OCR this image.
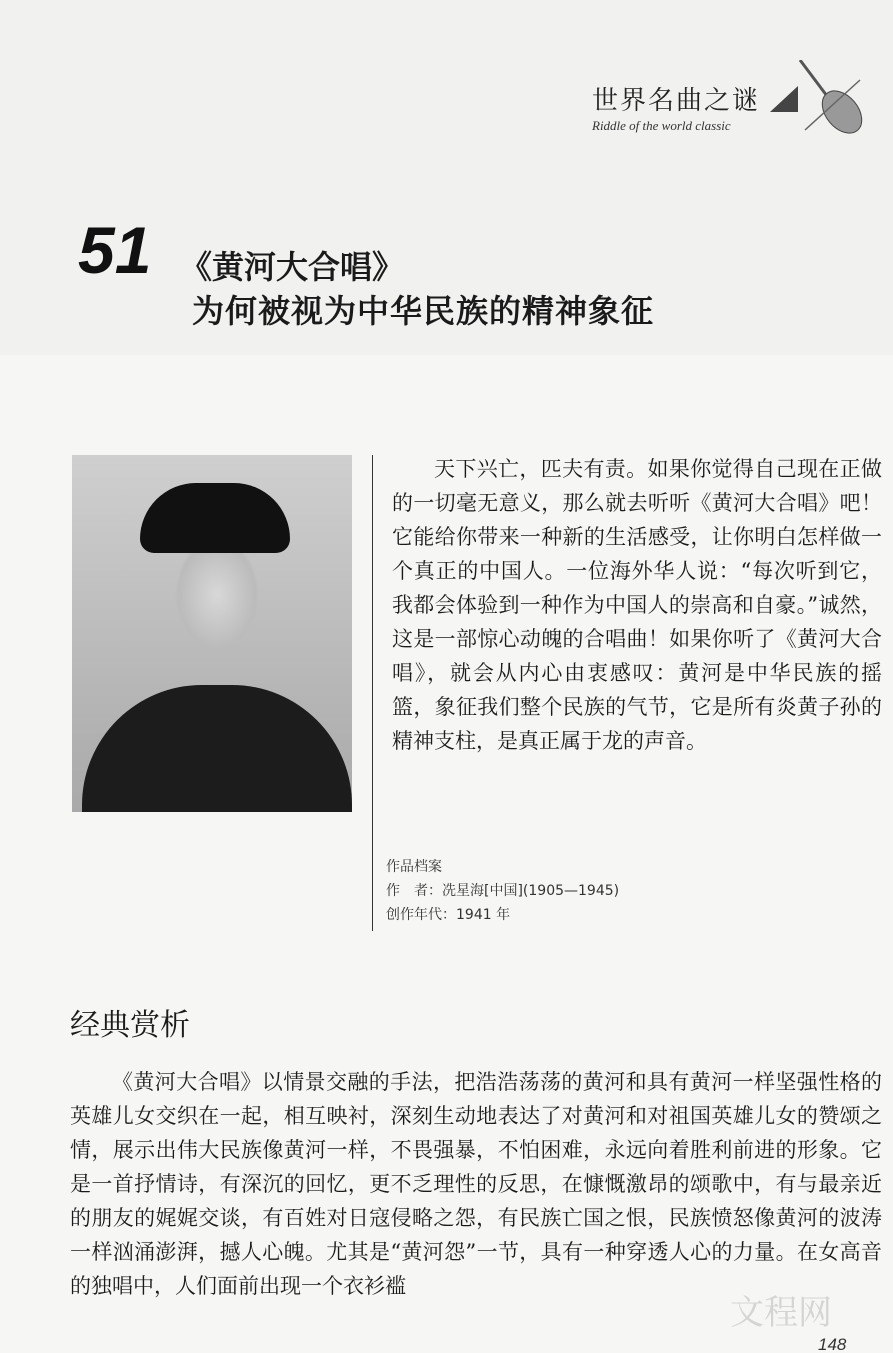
世界名曲之谜
Riddle of the world classic
51 《黄河大合唱》
为何被视为中华民族的精神象征
天下兴亡，匹夫有责。如果你觉得自己现在正做的一切毫无意义，那么就去听听《黄河大合唱》吧！它能给你带来一种新的生活感受，让你明白怎样做一个真正的中国人。一位海外华人说：“每次听到它，我都会体验到一种作为中国人的崇高和自豪。”诚然，这是一部惊心动魄的合唱曲！如果你听了《黄河大合唱》，就会从内心由衷感叹：黄河是中华民族的摇篮，象征我们整个民族的气节，它是所有炎黄子孙的精神支柱，是真正属于龙的声音。
作品档案
作　者：冼星海[中国](1905—1945)
创作年代：1941 年
经典赏析
《黄河大合唱》以情景交融的手法，把浩浩荡荡的黄河和具有黄河一样坚强性格的英雄儿女交织在一起，相互映衬，深刻生动地表达了对黄河和对祖国英雄儿女的赞颂之情，展示出伟大民族像黄河一样，不畏强暴，不怕困难，永远向着胜利前进的形象。它是一首抒情诗，有深沉的回忆，更不乏理性的反思，在慷慨激昂的颂歌中，有与最亲近的朋友的娓娓交谈，有百姓对日寇侵略之怨，有民族亡国之恨，民族愤怒像黄河的波涛一样汹涌澎湃，撼人心魄。尤其是“黄河怨”一节，具有一种穿透人心的力量。在女高音的独唱中，人们面前出现一个衣衫褴
文程网
148
